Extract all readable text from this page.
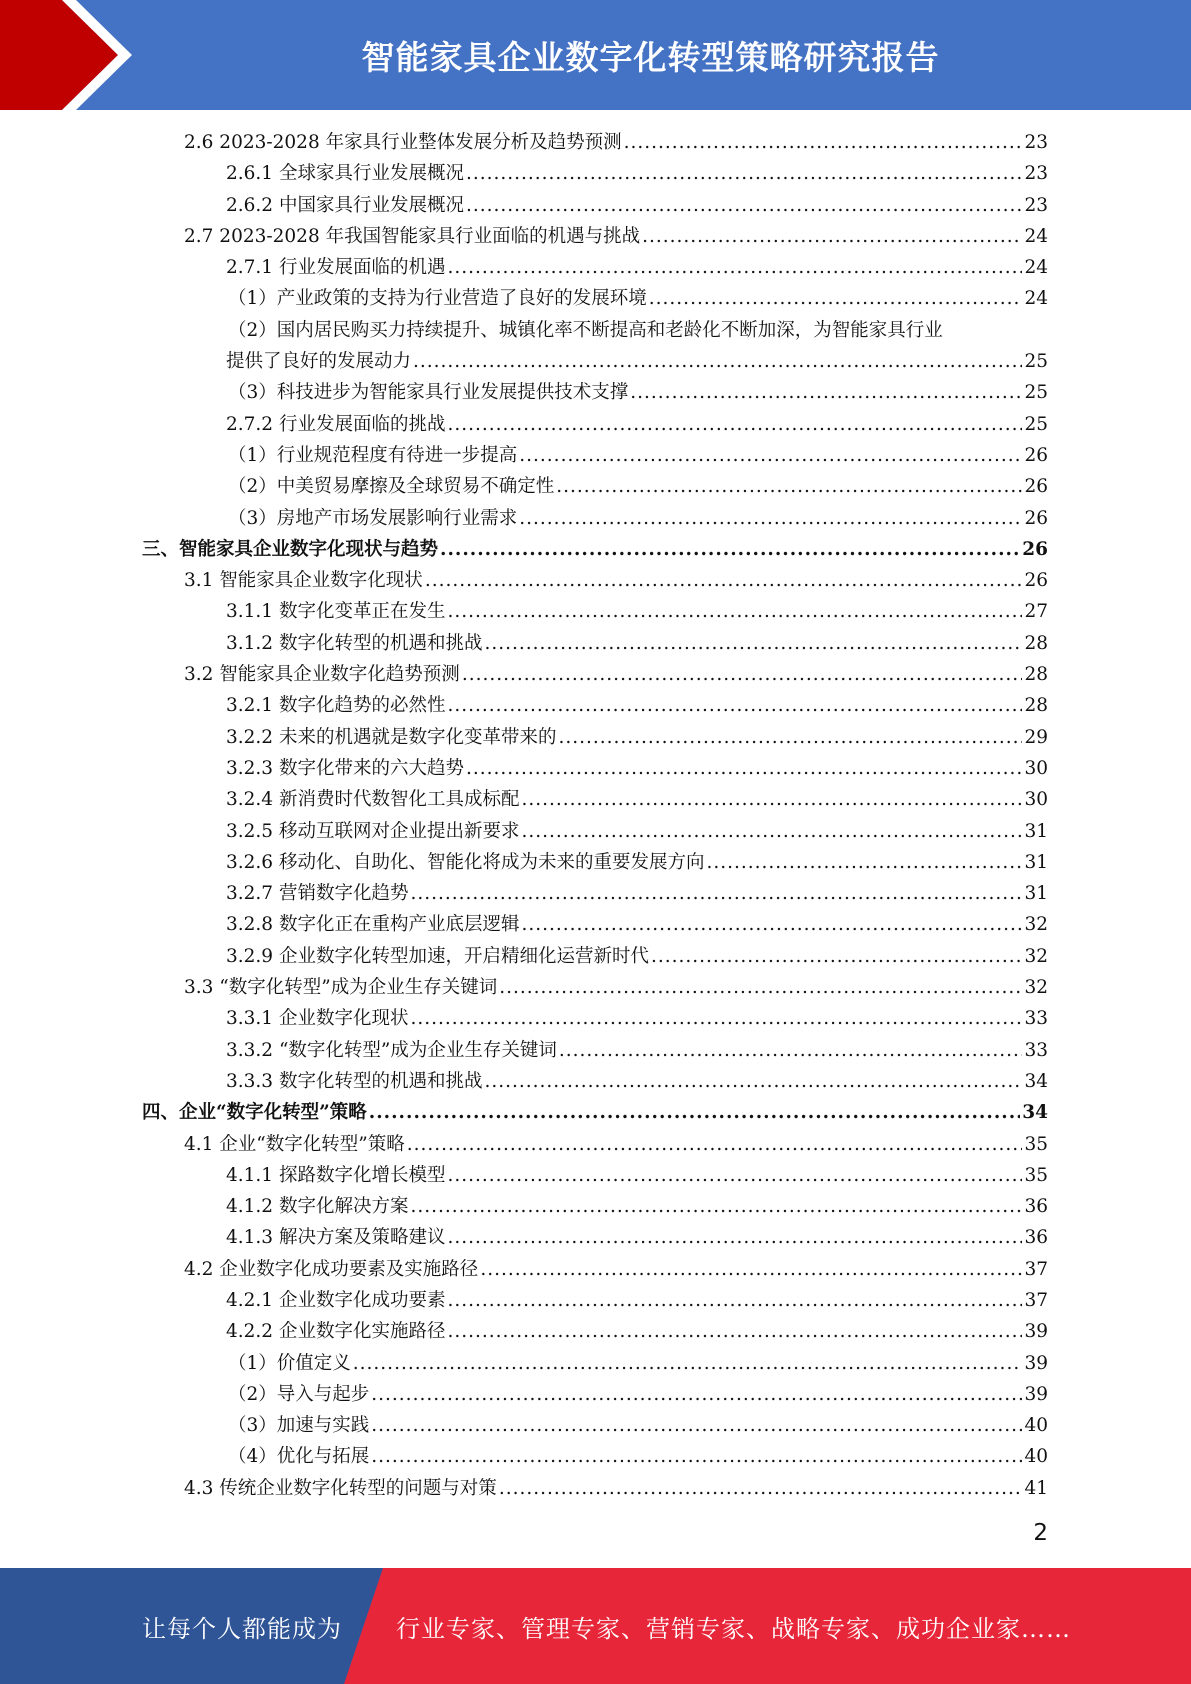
智能家具企业数字化转型策略研究报告
2.6 2023-2028 年家具行业整体发展分析及趋势预测 .....	23
2.6.1 全球家具行业发展概况 .....	23
2.6.2 中国家具行业发展概况 .....	23
2.7 2023-2028 年我国智能家具行业面临的机遇与挑战 .....	24
2.7.1 行业发展面临的机遇 .....	24
（1）产业政策的支持为行业营造了良好的发展环境 .....	24
（2）国内居民购买力持续提升、城镇化率不断提高和老龄化不断加深，为智能家具行业
提供了良好的发展动力 .....	25
（3）科技进步为智能家具行业发展提供技术支撑 .....	25
2.7.2 行业发展面临的挑战 .....	25
（1）行业规范程度有待进一步提高 .....	26
（2）中美贸易摩擦及全球贸易不确定性 .....	26
（3）房地产市场发展影响行业需求 .....	26
三、智能家具企业数字化现状与趋势 .....	26
3.1 智能家具企业数字化现状 .....	26
3.1.1 数字化变革正在发生 .....	27
3.1.2 数字化转型的机遇和挑战 .....	28
3.2 智能家具企业数字化趋势预测 .....	28
3.2.1 数字化趋势的必然性 .....	28
3.2.2 未来的机遇就是数字化变革带来的 .....	29
3.2.3 数字化带来的六大趋势 .....	30
3.2.4 新消费时代数智化工具成标配 .....	30
3.2.5 移动互联网对企业提出新要求 .....	31
3.2.6 移动化、自助化、智能化将成为未来的重要发展方向 .....	31
3.2.7 营销数字化趋势 .....	31
3.2.8 数字化正在重构产业底层逻辑 .....	32
3.2.9 企业数字化转型加速，开启精细化运营新时代 .....	32
3.3 “数字化转型”成为企业生存关键词 .....	32
3.3.1 企业数字化现状 .....	33
3.3.2 “数字化转型”成为企业生存关键词 .....	33
3.3.3 数字化转型的机遇和挑战 .....	34
四、企业“数字化转型”策略 .....	34
4.1 企业“数字化转型”策略 .....	35
4.1.1 探路数字化增长模型 .....	35
4.1.2 数字化解决方案 .....	36
4.1.3 解决方案及策略建议 .....	36
4.2 企业数字化成功要素及实施路径 .....	37
4.2.1 企业数字化成功要素 .....	37
4.2.2 企业数字化实施路径 .....	39
（1）价值定义 .....	39
（2）导入与起步 .....	39
（3）加速与实践 .....	40
（4）优化与拓展 .....	40
4.3 传统企业数字化转型的问题与对策 .....	41
2
让每个人都能成为 行业专家、管理专家、营销专家、战略专家、成功企业家……
